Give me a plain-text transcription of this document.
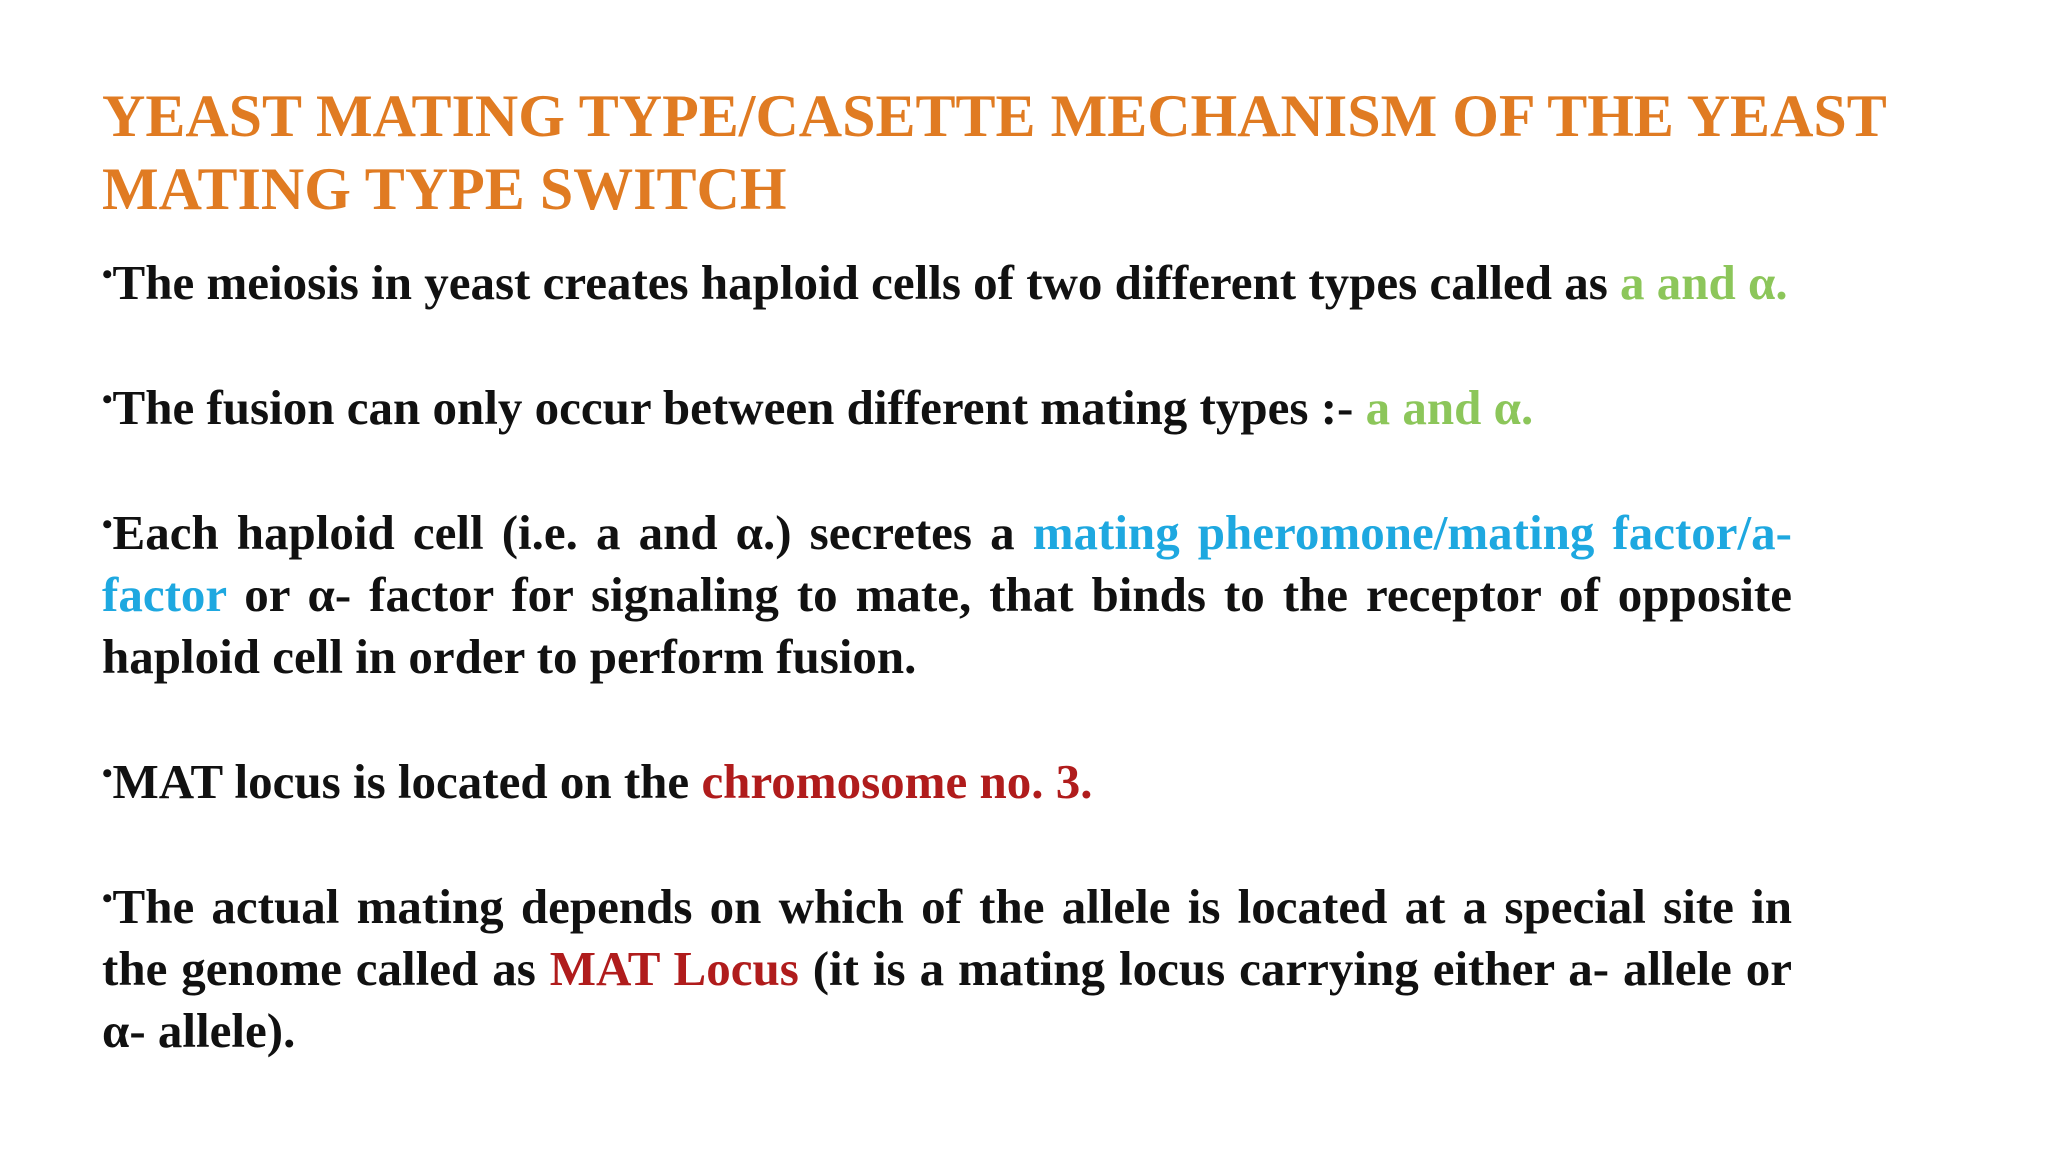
YEAST MATING TYPE/CASETTE MECHANISM OF THE YEAST MATING TYPE SWITCH

•The meiosis in yeast creates haploid cells of two different types called as a and α.

•The fusion can only occur between different mating types :- a and α.

•Each haploid cell (i.e. a and α.) secretes a mating pheromone/mating factor/a- factor or α- factor for signaling to mate, that binds to the receptor of opposite haploid cell in order to perform fusion.

•MAT locus is located on the chromosome no. 3.

•The actual mating depends on which of the allele is located at a special site in the genome called as MAT Locus (it is a mating locus carrying either a- allele or α- allele).
